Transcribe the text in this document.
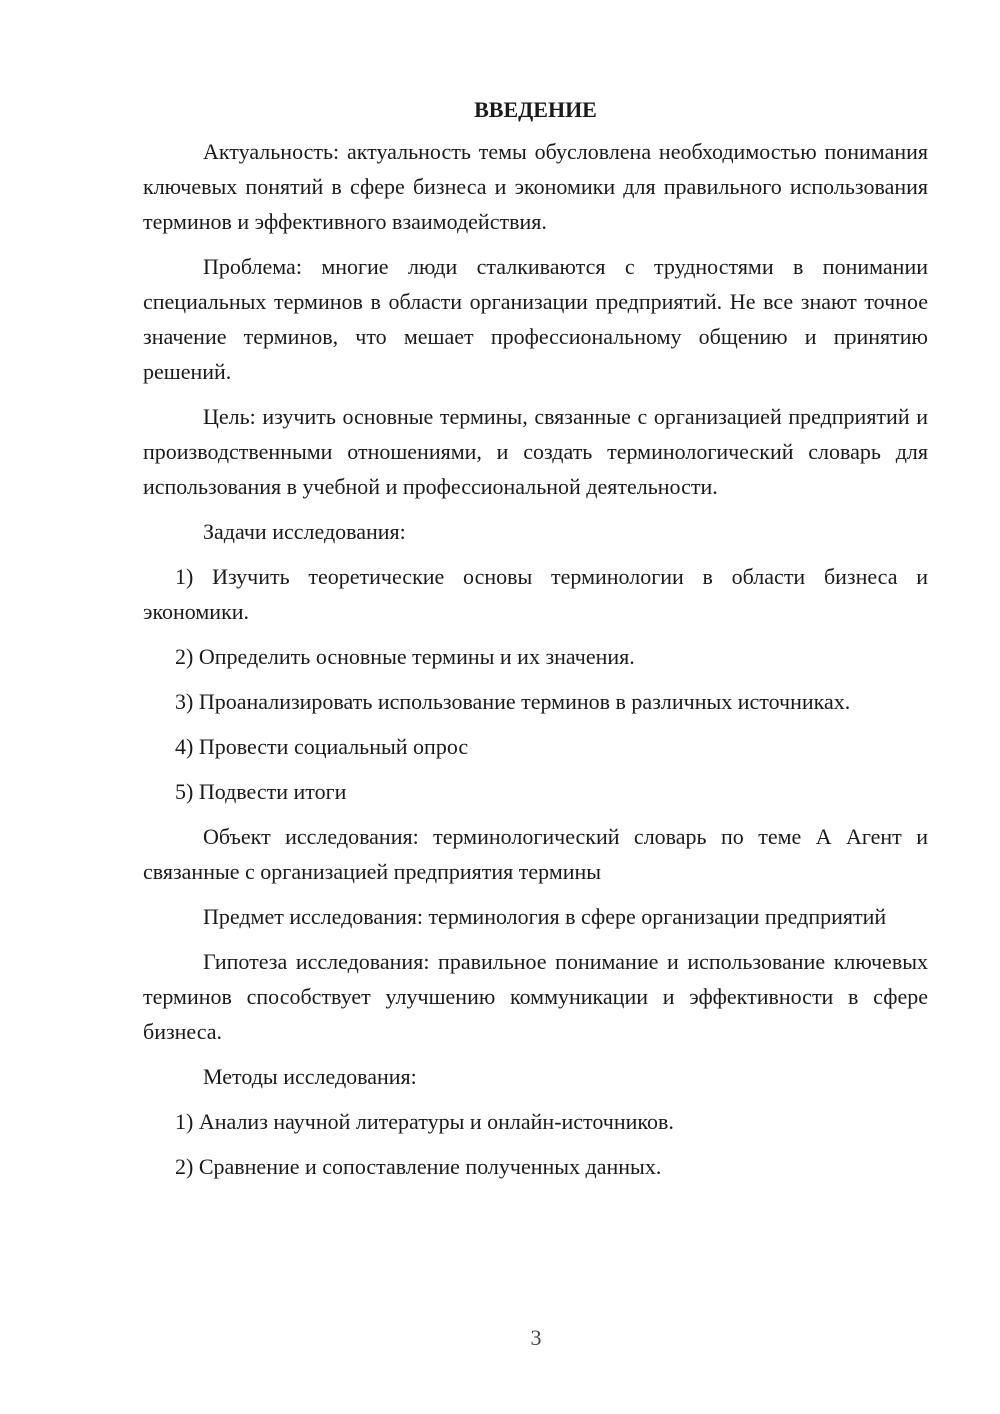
ВВЕДЕНИЕ

Актуальность: актуальность темы обусловлена необходимостью понимания ключевых понятий в сфере бизнеса и экономики для правильного использования терминов и эффективного взаимодействия.

Проблема: многие люди сталкиваются с трудностями в понимании специальных терминов в области организации предприятий. Не все знают точное значение терминов, что мешает профессиональному общению и принятию решений.

Цель: изучить основные термины, связанные с организацией предприятий и производственными отношениями, и создать терминологический словарь для использования в учебной и профессиональной деятельности.

Задачи исследования:

1) Изучить теоретические основы терминологии в области бизнеса и экономики.

2) Определить основные термины и их значения.

3) Проанализировать использование терминов в различных источниках.

4) Провести социальный опрос

5) Подвести итоги

Объект исследования: терминологический словарь по теме А Агент и связанные с организацией предприятия термины

Предмет исследования: терминология в сфере организации предприятий

Гипотеза исследования: правильное понимание и использование ключевых терминов способствует улучшению коммуникации и эффективности в сфере бизнеса.

Методы исследования:

1) Анализ научной литературы и онлайн-источников.

2) Сравнение и сопоставление полученных данных.

3
